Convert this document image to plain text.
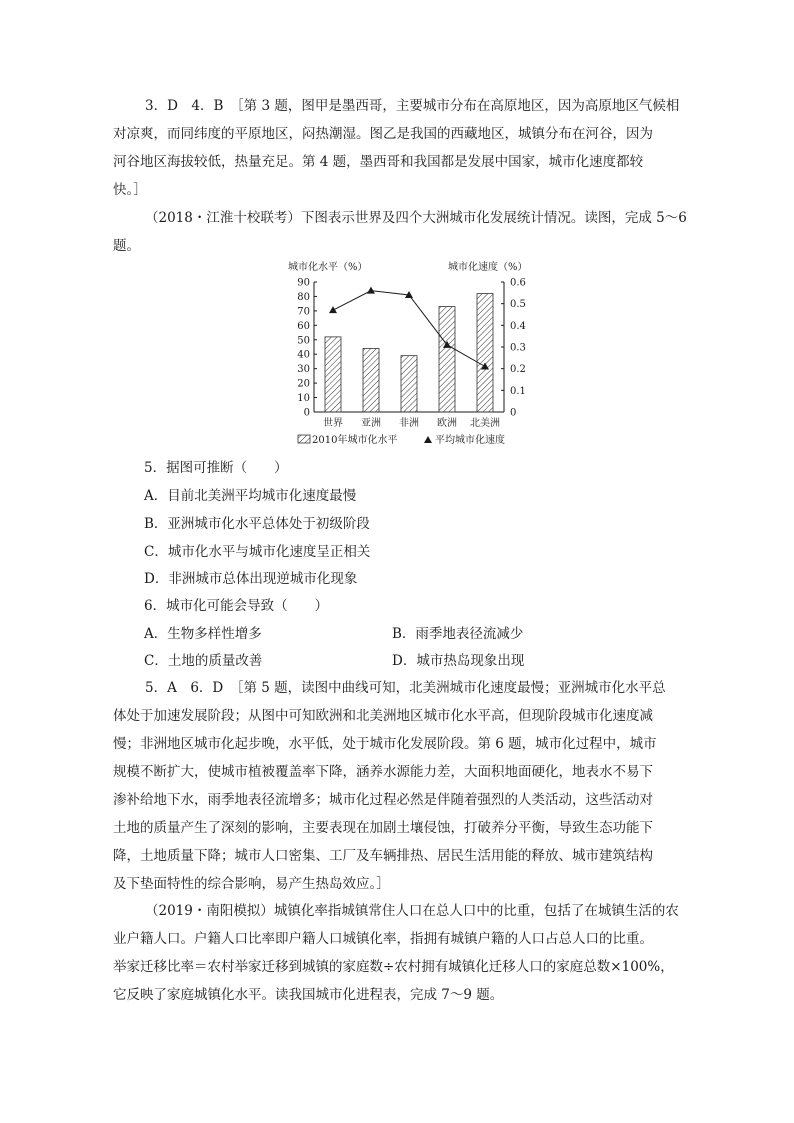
3．D　4．B　［第 3 题，图甲是墨西哥，主要城市分布在高原地区，因为高原地区气候相
对凉爽，而同纬度的平原地区，闷热潮湿。图乙是我国的西藏地区，城镇分布在河谷，因为
河谷地区海拔较低，热量充足。第 4 题，墨西哥和我国都是发展中国家，城市化速度都较
快。］
（2018・江淮十校联考）下图表示世界及四个大洲城市化发展统计情况。读图，完成 5～6
题。
城市化水平（%）	城市化速度（%）
0
10
20
30
40
50
60
70
80
90
0
0.1
0.2
0.3
0.4
0.5
0.6
世界 亚洲 非洲 欧洲 北美洲
2010年城市化水平	平均城市化速度
5．据图可推断（　　）
A．目前北美洲平均城市化速度最慢
B．亚洲城市化水平总体处于初级阶段
C．城市化水平与城市化速度呈正相关
D．非洲城市总体出现逆城市化现象
6．城市化可能会导致（　　）
A．生物多样性增多	B．雨季地表径流减少
C．土地的质量改善	D．城市热岛现象出现
5．A　6．D　［第 5 题，读图中曲线可知，北美洲城市化速度最慢；亚洲城市化水平总
体处于加速发展阶段；从图中可知欧洲和北美洲地区城市化水平高，但现阶段城市化速度减
慢；非洲地区城市化起步晚，水平低，处于城市化发展阶段。第 6 题，城市化过程中，城市
规模不断扩大，使城市植被覆盖率下降，涵养水源能力差，大面积地面硬化，地表水不易下
渗补给地下水，雨季地表径流增多；城市化过程必然是伴随着强烈的人类活动，这些活动对
土地的质量产生了深刻的影响，主要表现在加剧土壤侵蚀，打破养分平衡，导致生态功能下
降，土地质量下降；城市人口密集、工厂及车辆排热、居民生活用能的释放、城市建筑结构
及下垫面特性的综合影响，易产生热岛效应。］
（2019・南阳模拟）城镇化率指城镇常住人口在总人口中的比重，包括了在城镇生活的农
业户籍人口。户籍人口比率即户籍人口城镇化率，指拥有城镇户籍的人口占总人口的比重。
举家迁移比率＝农村举家迁移到城镇的家庭数÷农村拥有城镇化迁移人口的家庭总数×100%，
它反映了家庭城镇化水平。读我国城市化进程表，完成 7～9 题。
